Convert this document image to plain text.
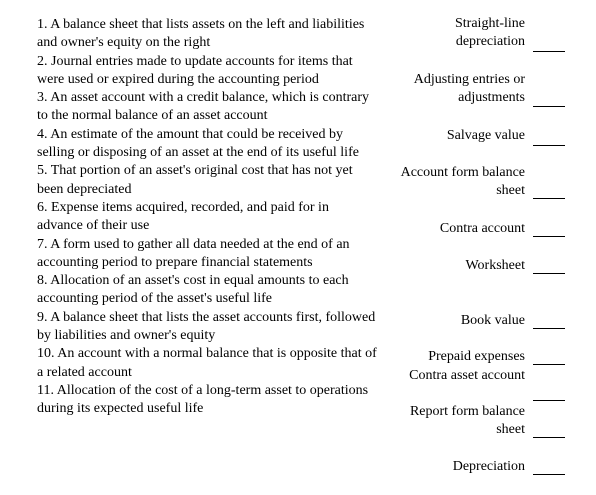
1. A balance sheet that lists assets on the left and liabilities and owner's equity on the right
2. Journal entries made to update accounts for items that were used or expired during the accounting period
3. An asset account with a credit balance, which is contrary to the normal balance of an asset account
4. An estimate of the amount that could be received by selling or disposing of an asset at the end of its useful life
5. That portion of an asset's original cost that has not yet been depreciated
6. Expense items acquired, recorded, and paid for in advance of their use
7. A form used to gather all data needed at the end of an accounting period to prepare financial statements
8. Allocation of an asset's cost in equal amounts to each accounting period of the asset's useful life
9. A balance sheet that lists the asset accounts first, followed by liabilities and owner's equity
10. An account with a normal balance that is opposite that of a related account
11. Allocation of the cost of a long-term asset to operations during its expected useful life
Straight-line depreciation
Adjusting entries or adjustments
Salvage value
Account form balance sheet
Contra account
Worksheet
Book value
Prepaid expenses
Contra asset account
Report form balance sheet
Depreciation
